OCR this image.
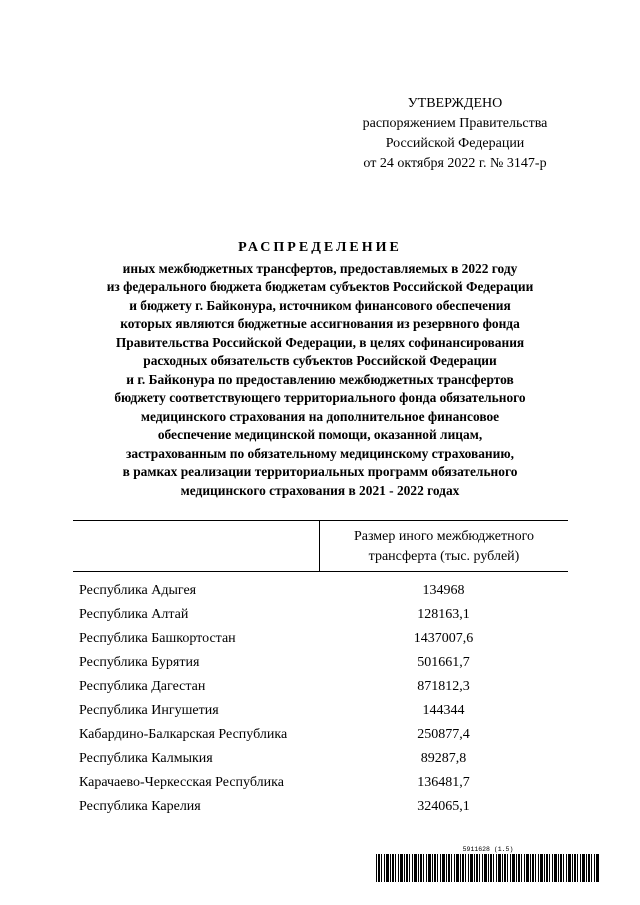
УТВЕРЖДЕНО
распоряжением Правительства
Российской Федерации
от 24 октября 2022 г. № 3147-р
РАСПРЕДЕЛЕНИЕ
иных межбюджетных трансфертов, предоставляемых в 2022 году
из федерального бюджета бюджетам субъектов Российской Федерации
и бюджету г. Байконура, источником финансового обеспечения
которых являются бюджетные ассигнования из резервного фонда
Правительства Российской Федерации, в целях софинансирования
расходных обязательств субъектов Российской Федерации
и г. Байконура по предоставлению межбюджетных трансфертов
бюджету соответствующего территориального фонда обязательного
медицинского страхования на дополнительное финансовое
обеспечение медицинской помощи, оказанной лицам,
застрахованным по обязательному медицинскому страхованию,
в рамках реализации территориальных программ обязательного
медицинского страхования в 2021 - 2022 годах
Размер иного межбюджетного
трансферта (тыс. рублей)
Республика Адыгея	134968
Республика Алтай	128163,1
Республика Башкортостан	1437007,6
Республика Бурятия	501661,7
Республика Дагестан	871812,3
Республика Ингушетия	144344
Кабардино-Балкарская Республика	250877,4
Республика Калмыкия	89287,8
Карачаево-Черкесская Республика	136481,7
Республика Карелия	324065,1
5911628 (1.5)
